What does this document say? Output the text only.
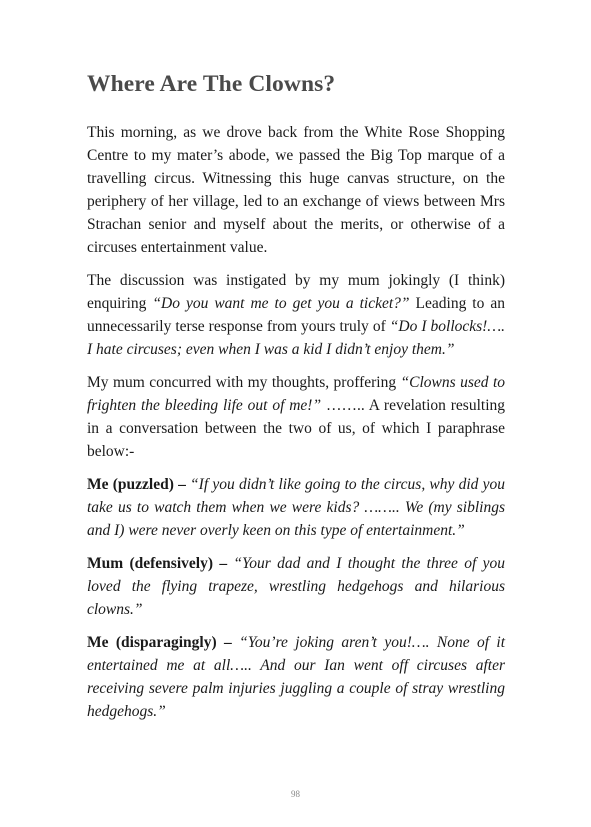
Where Are The Clowns?

This morning, as we drove back from the White Rose Shopping Centre to my mater’s abode, we passed the Big Top marque of a travelling circus. Witnessing this huge canvas structure, on the periphery of her village, led to an exchange of views between Mrs Strachan senior and myself about the merits, or otherwise of a circuses entertainment value.

The discussion was instigated by my mum jokingly (I think) enquiring “Do you want me to get you a ticket?” Leading to an unnecessarily terse response from yours truly of “Do I bollocks!…. I hate circuses; even when I was a kid I didn’t enjoy them.”

My mum concurred with my thoughts, proffering “Clowns used to frighten the bleeding life out of me!” …….. A revelation resulting in a conversation between the two of us, of which I paraphrase below:-

Me (puzzled) – “If you didn’t like going to the circus, why did you take us to watch them when we were kids? …….. We (my siblings and I) were never overly keen on this type of entertainment.”

Mum (defensively) – “Your dad and I thought the three of you loved the flying trapeze, wrestling hedgehogs and hilarious clowns.”

Me (disparagingly) – “You’re joking aren’t you!…. None of it entertained me at all….. And our Ian went off circuses after receiving severe palm injuries juggling a couple of stray wrestling hedgehogs.”

98
